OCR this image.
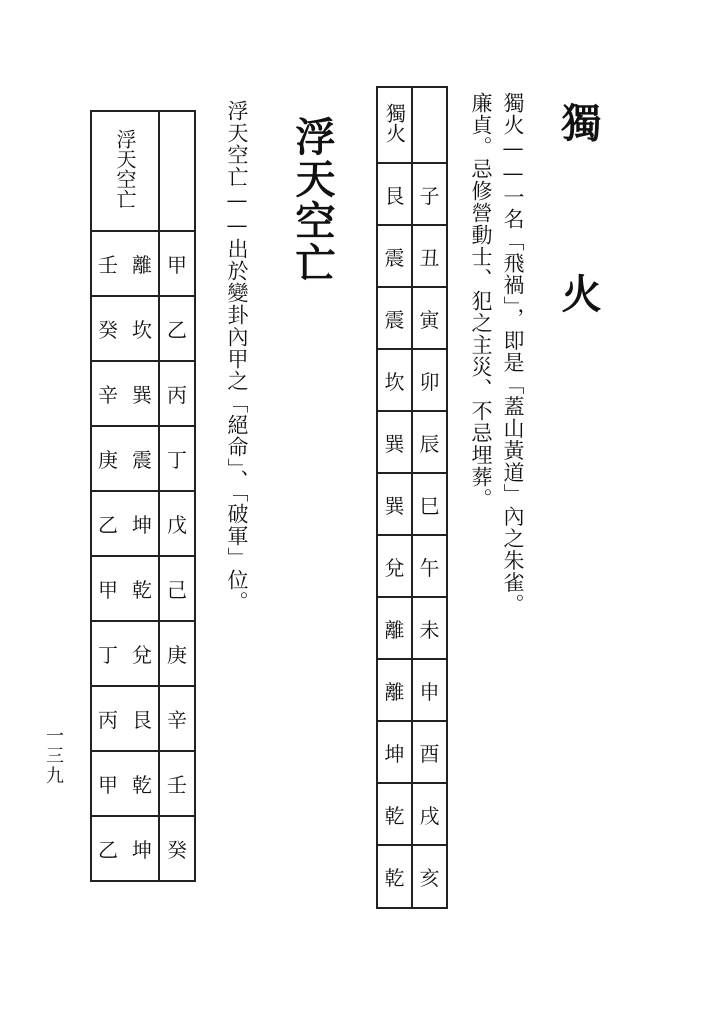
獨 火
獨火——一名「飛禍」，即是「蓋山黃道」內之朱雀。
廉貞。忌修營動士、犯之主災、不忌埋葬。
獨火	
艮	子
震	丑
震	寅
坎	卯
巽	辰
巽	巳
兌	午
離	未
離	申
坤	酉
乾	戌
乾	亥
浮天空亡
浮天空亡——出於變卦內甲之「絕命」、「破軍」位。
浮天空亡	

壬 離	甲

癸 坎	乙

辛 巽	丙

庚 震	丁

乙 坤	戊

甲 乾	己

丁 兌	庚

丙 艮	辛

甲 乾	壬

乙 坤	癸
一三九
